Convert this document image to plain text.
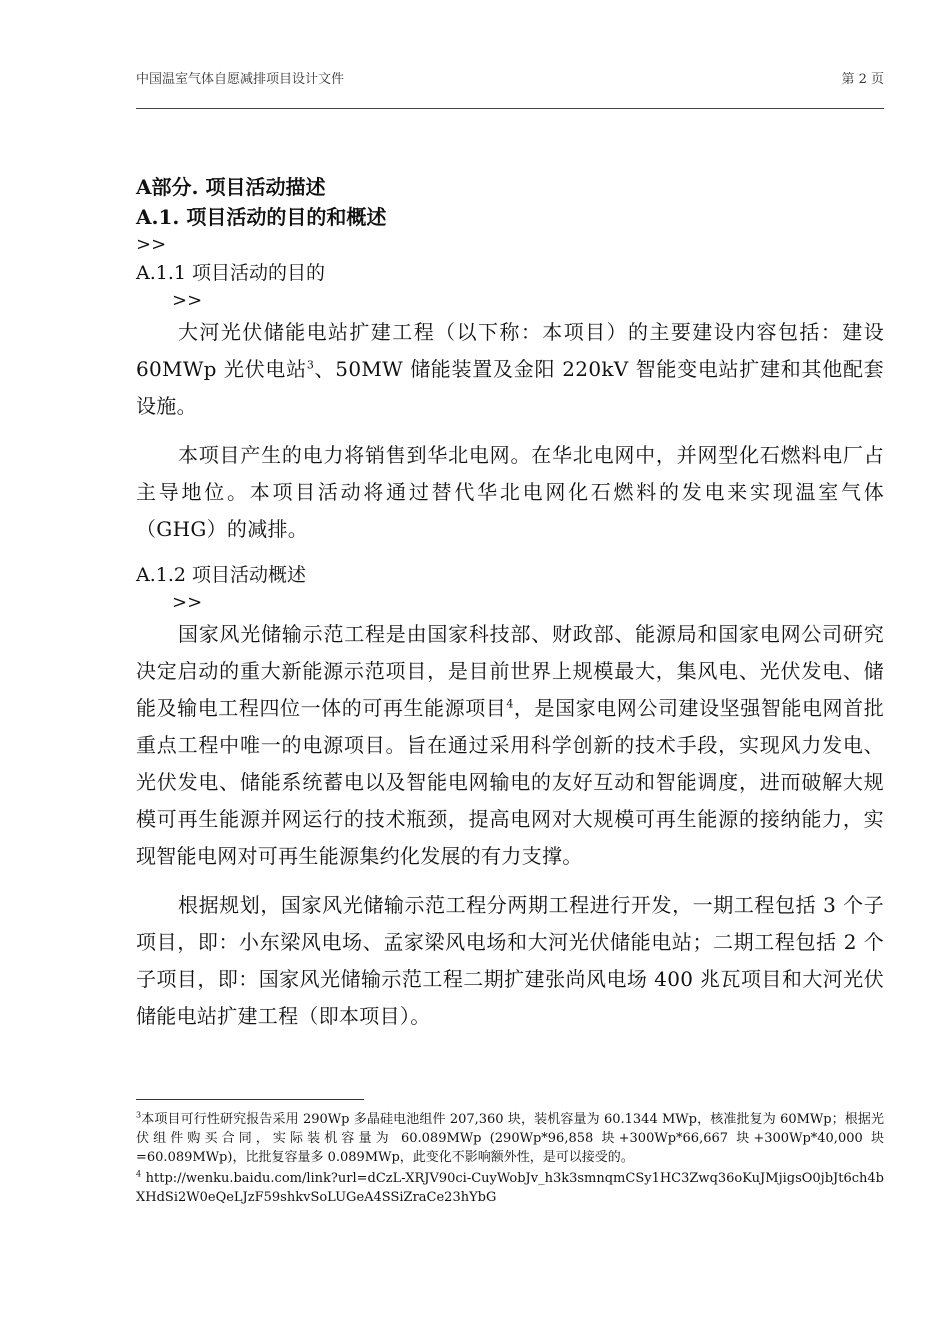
中国温室气体自愿减排项目设计文件	第 2 页

A部分. 项目活动描述

A.1. 项目活动的目的和概述

>>

A.1.1 项目活动的目的

>>

大河光伏储能电站扩建工程（以下称：本项目）的主要建设内容包括：建设 60MWp 光伏电站$^3$、50MW 储能装置及金阳 220kV 智能变电站扩建和其他配套设施。

本项目产生的电力将销售到华北电网。在华北电网中，并网型化石燃料电厂占主导地位。本项目活动将通过替代华北电网化石燃料的发电来实现温室气体（GHG）的减排。

A.1.2 项目活动概述

>>

国家风光储输示范工程是由国家科技部、财政部、能源局和国家电网公司研究决定启动的重大新能源示范项目，是目前世界上规模最大，集风电、光伏发电、储能及输电工程四位一体的可再生能源项目$^4$，是国家电网公司建设坚强智能电网首批重点工程中唯一的电源项目。旨在通过采用科学创新的技术手段，实现风力发电、光伏发电、储能系统蓄电以及智能电网输电的友好互动和智能调度，进而破解大规模可再生能源并网运行的技术瓶颈，提高电网对大规模可再生能源的接纳能力，实现智能电网对可再生能源集约化发展的有力支撑。

根据规划，国家风光储输示范工程分两期工程进行开发，一期工程包括 3 个子项目，即：小东梁风电场、孟家梁风电场和大河光伏储能电站；二期工程包括 2 个子项目，即：国家风光储输示范工程二期扩建张尚风电场 400 兆瓦项目和大河光伏储能电站扩建工程（即本项目）。

$^3$本项目可行性研究报告采用 290Wp 多晶硅电池组件 207,360 块，装机容量为 60.1344 MWp，核准批复为 60MWp；根据光伏组件购买合同，实际装机容量为 60.089MWp (290Wp*96,858 块+300Wp*66,667 块+300Wp*40,000 块=60.089MWp)，比批复容量多 0.089MWp，此变化不影响额外性，是可以接受的。

$^4$ http://wenku.baidu.com/link?url=dCzL-XRJV90ci-CuyWobJv_h3k3smnqmCSy1HC3Zwq36oKuJMjigsO0jbJt6ch4bXHdSi2W0eQeLJzF59shkvSoLUGeA4SSiZraCe23hYbG
